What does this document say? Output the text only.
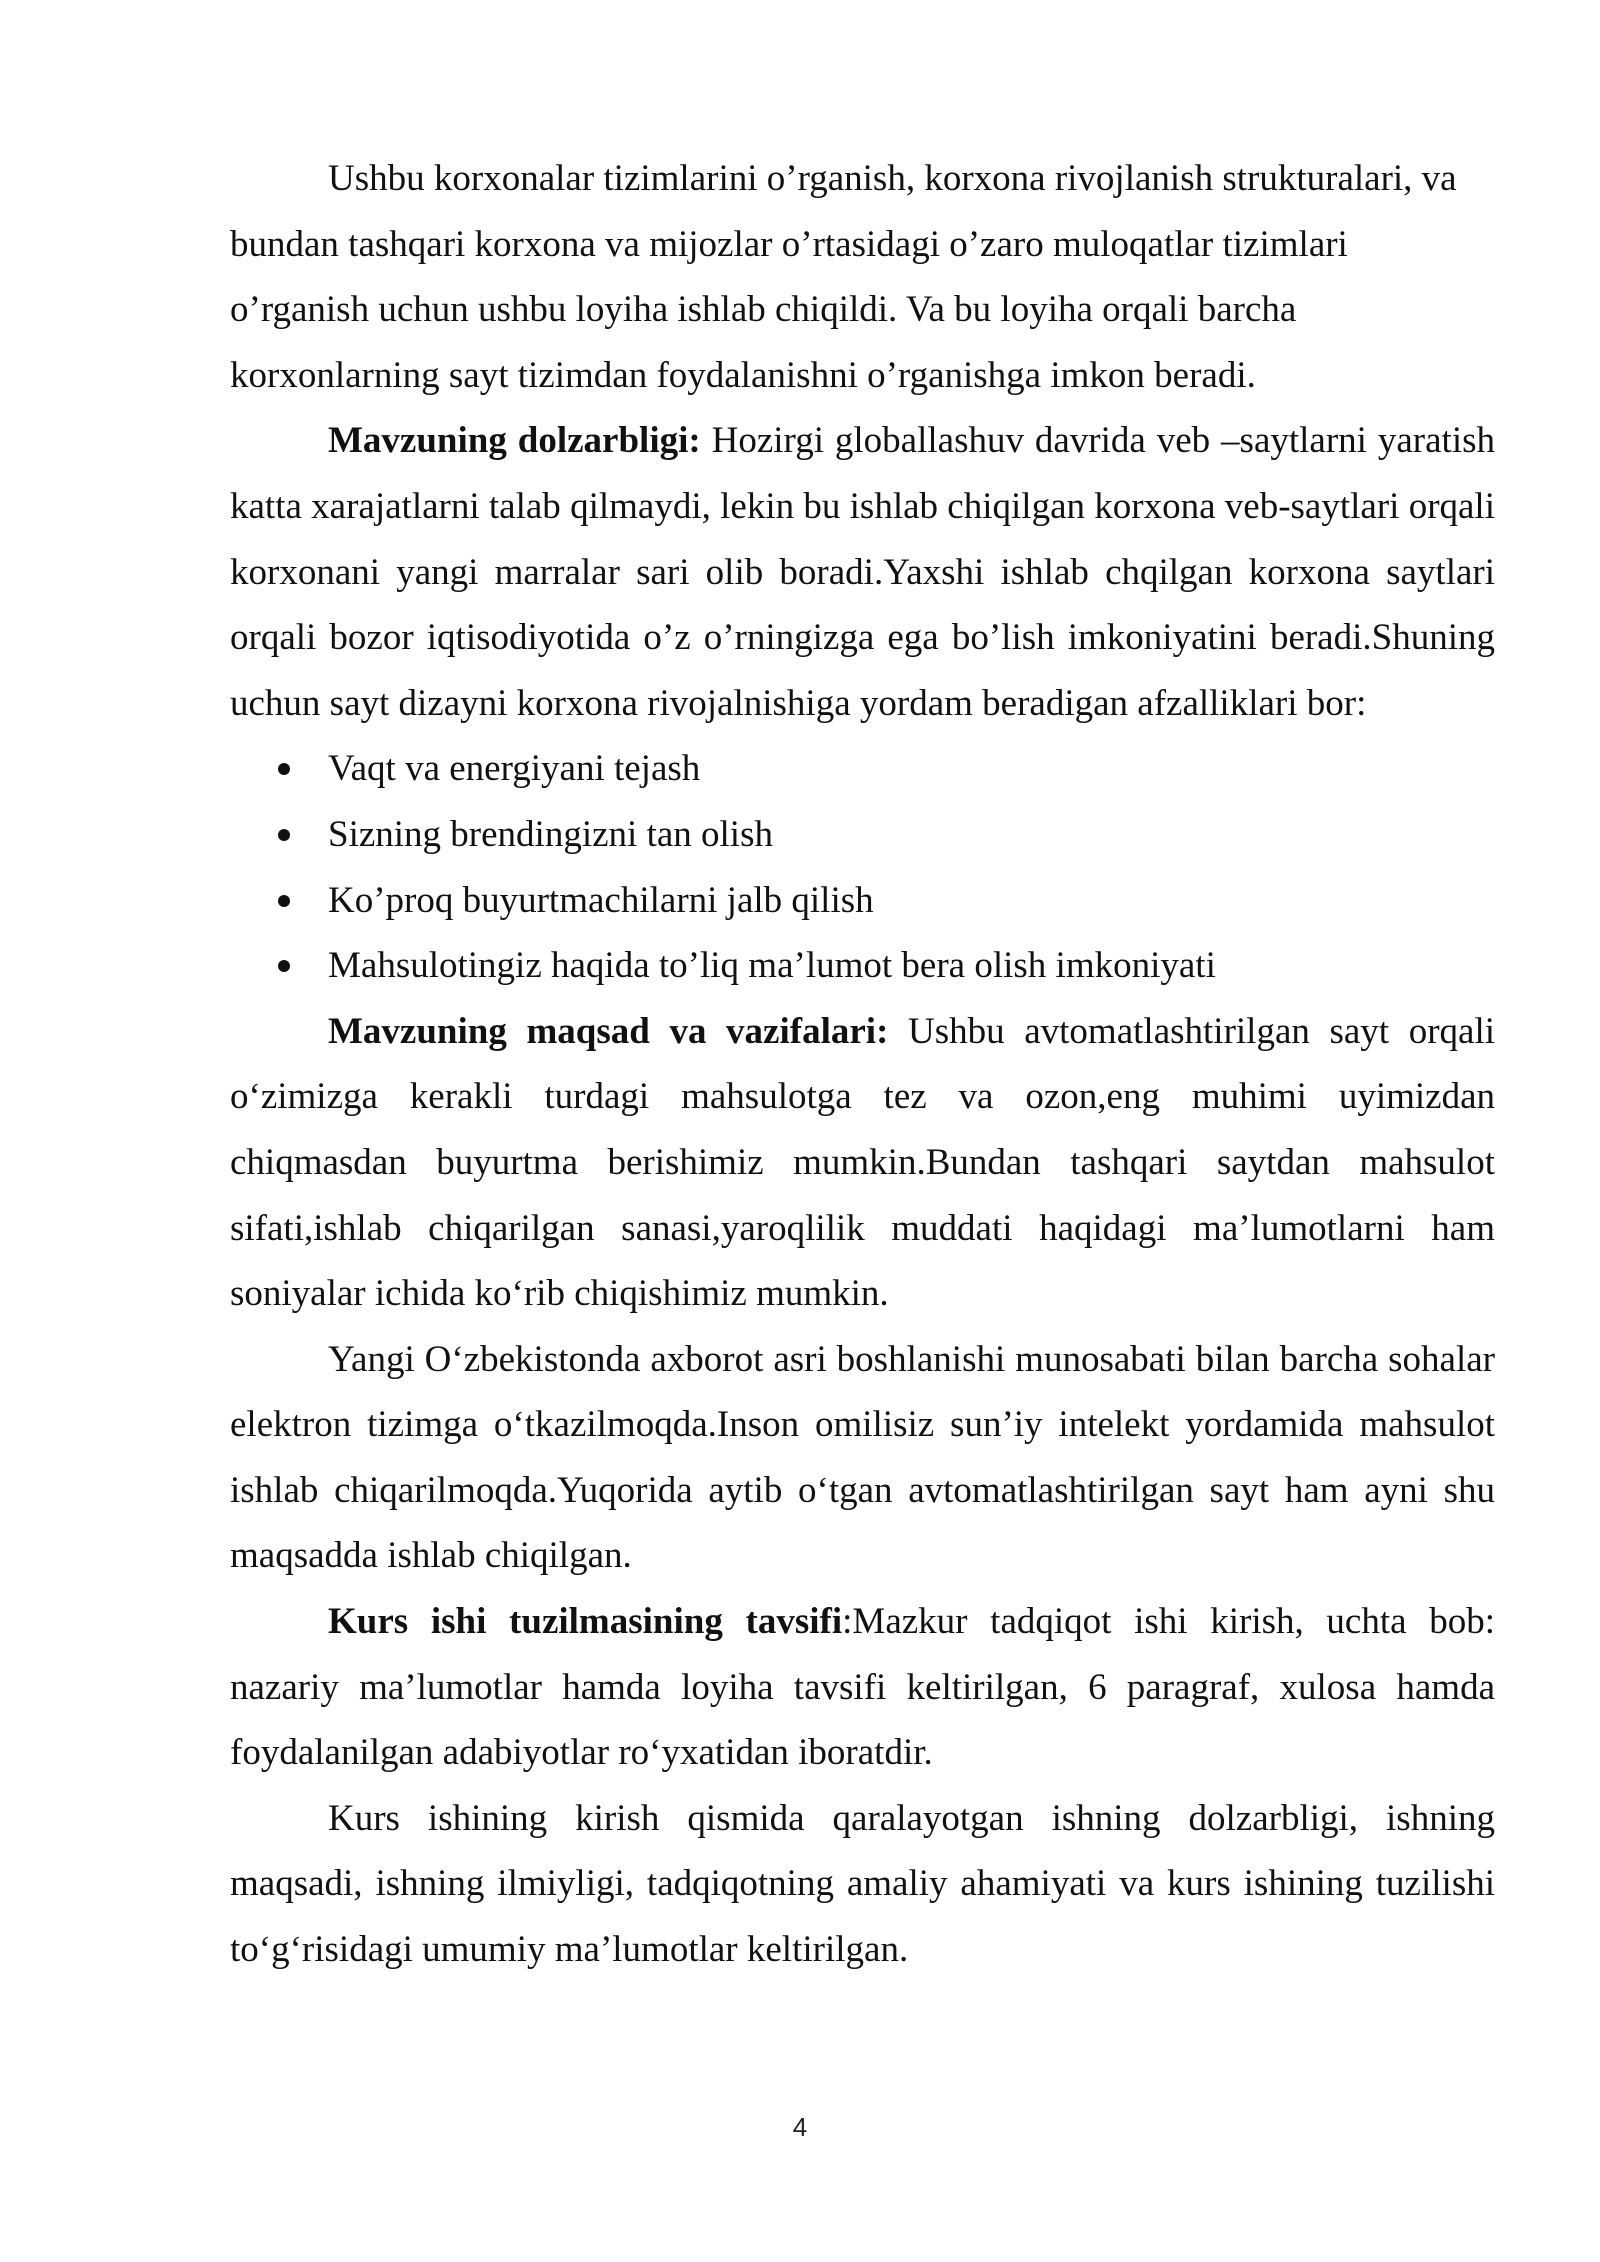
Ushbu korxonalar tizimlarini o’rganish, korxona rivojlanish strukturalari, va bundan tashqari korxona va mijozlar o’rtasidagi o’zaro muloqatlar tizimlari o’rganish uchun ushbu loyiha ishlab chiqildi. Va bu loyiha orqali barcha korxonlarning sayt tizimdan foydalanishni o’rganishga imkon beradi.

Mavzuning dolzarbligi: Hozirgi globallashuv davrida veb –saytlarni yaratish katta xarajatlarni talab qilmaydi, lekin bu ishlab chiqilgan korxona veb-saytlari orqali korxonani yangi marralar sari olib boradi.Yaxshi ishlab chqilgan korxona saytlari orqali bozor iqtisodiyotida o’z o’rningizga ega bo’lish imkoniyatini beradi.Shuning uchun sayt dizayni korxona rivojalnishiga yordam beradigan afzalliklari bor:

Vaqt va energiyani tejash
Sizning brendingizni tan olish
Ko’proq buyurtmachilarni jalb qilish
Mahsulotingiz haqida to’liq ma’lumot bera olish imkoniyati

Mavzuning maqsad va vazifalari: Ushbu avtomatlashtirilgan sayt orqali o‘zimizga kerakli turdagi mahsulotga tez va ozon,eng muhimi uyimizdan chiqmasdan buyurtma berishimiz mumkin.Bundan tashqari saytdan mahsulot sifati,ishlab chiqarilgan sanasi,yaroqlilik muddati haqidagi ma’lumotlarni ham soniyalar ichida ko‘rib chiqishimiz mumkin.

Yangi O‘zbekistonda axborot asri boshlanishi munosabati bilan barcha sohalar elektron tizimga o‘tkazilmoqda.Inson omilisiz sun’iy intelekt yordamida mahsulot ishlab chiqarilmoqda.Yuqorida aytib o‘tgan avtomatlashtirilgan sayt ham ayni shu maqsadda ishlab chiqilgan.

Kurs ishi tuzilmasining tavsifi:Mazkur tadqiqot ishi kirish, uchta bob: nazariy ma’lumotlar hamda loyiha tavsifi keltirilgan, 6 paragraf, xulosa hamda foydalanilgan adabiyotlar ro‘yxatidan iboratdir.

Kurs ishining kirish qismida qaralayotgan ishning dolzarbligi, ishning maqsadi, ishning ilmiyligi, tadqiqotning amaliy ahamiyati va kurs ishining tuzilishi to‘g‘risidagi umumiy ma’lumotlar keltirilgan.

4
